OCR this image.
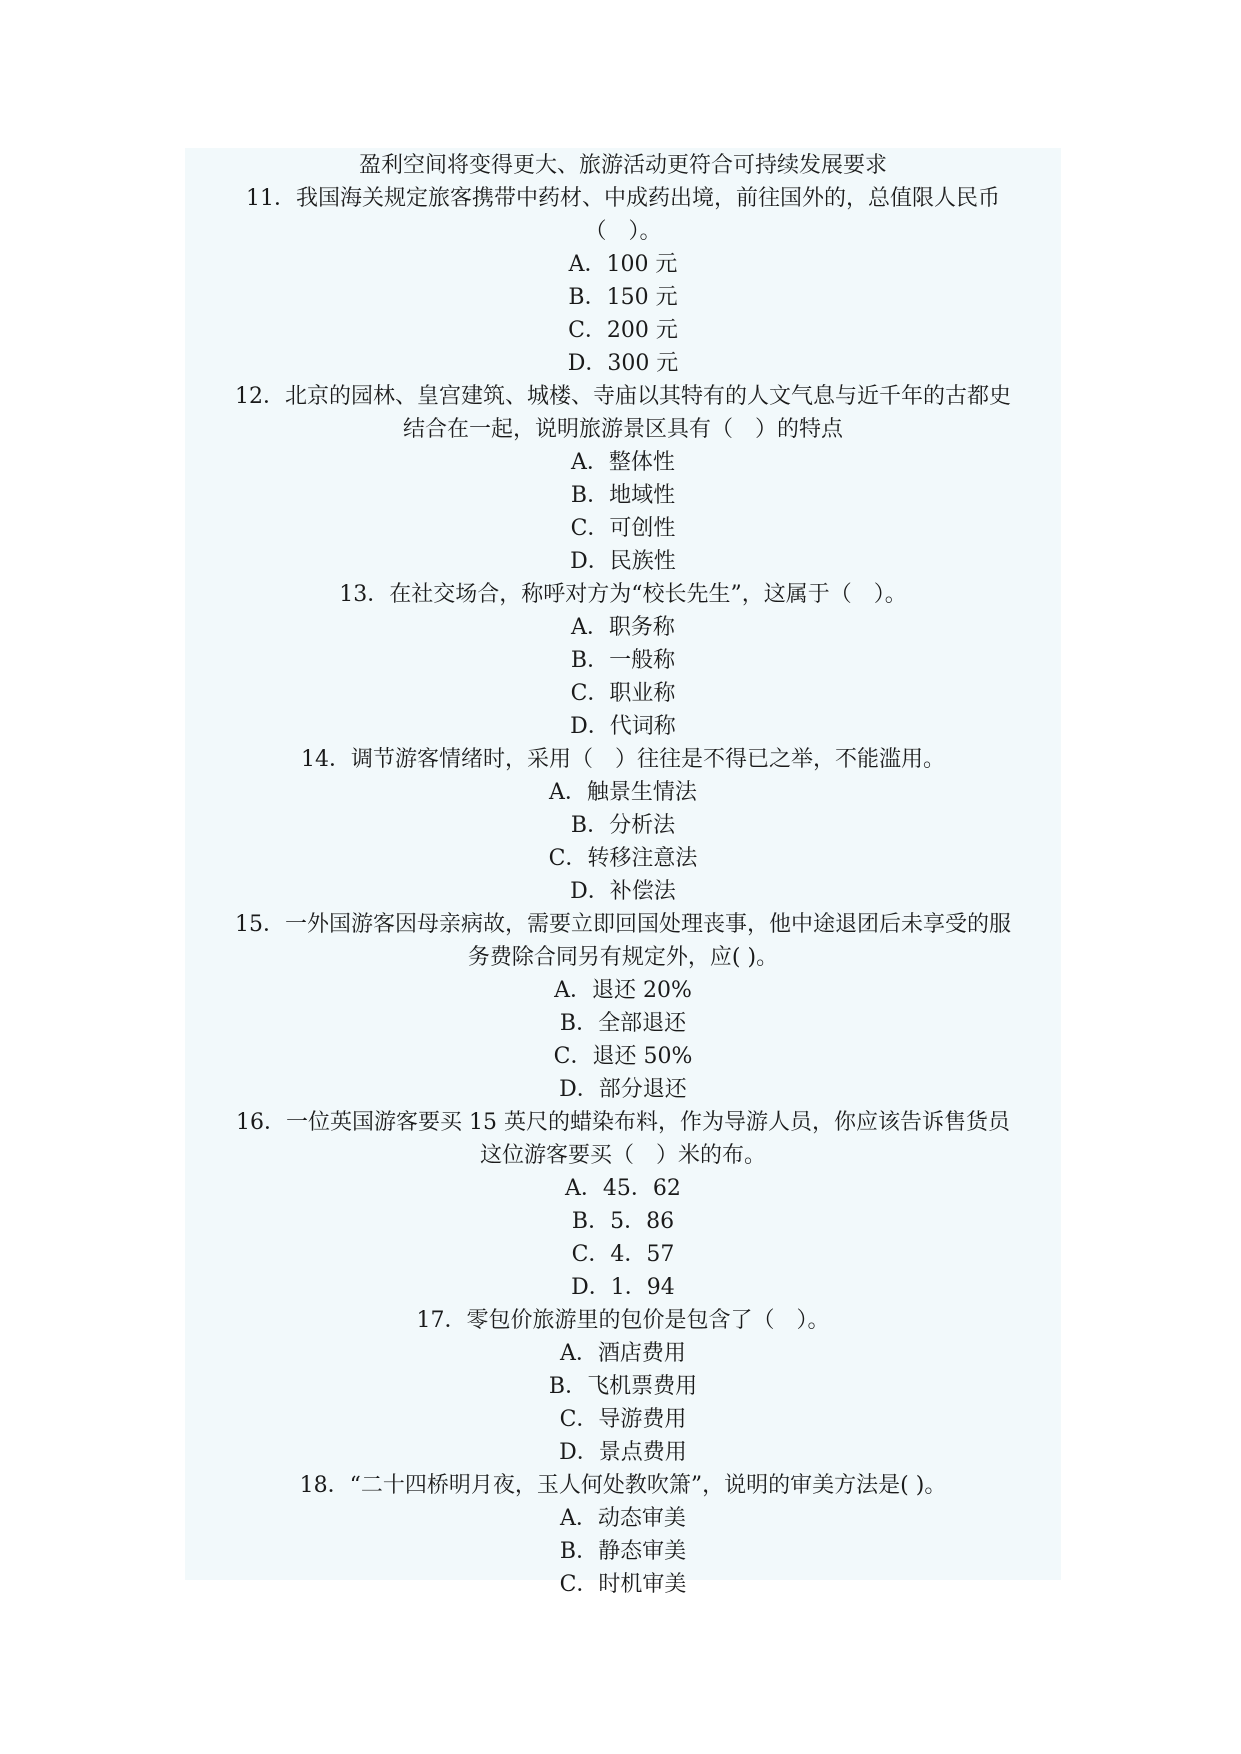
盈利空间将变得更大、旅游活动更符合可持续发展要求
11．我国海关规定旅客携带中药材、中成药出境，前往国外的，总值限人民币
（　）。
A．100 元
B．150 元
C．200 元
D．300 元
12．北京的园林、皇宫建筑、城楼、寺庙以其特有的人文气息与近千年的古都史
结合在一起，说明旅游景区具有（　）的特点
A．整体性
B．地域性
C．可创性
D．民族性
13．在社交场合，称呼对方为“校长先生”，这属于（　）。
A．职务称
B．一般称
C．职业称
D．代词称
14．调节游客情绪时，采用（　）往往是不得已之举，不能滥用。
A．触景生情法
B．分析法
C．转移注意法
D．补偿法
15．一外国游客因母亲病故，需要立即回国处理丧事，他中途退团后未享受的服
务费除合同另有规定外，应( )。
A．退还 20%
B．全部退还
C．退还 50%
D．部分退还
16．一位英国游客要买 15 英尺的蜡染布料，作为导游人员，你应该告诉售货员
这位游客要买（　）米的布。
A．45．62
B．5．86
C．4．57
D．1．94
17．零包价旅游里的包价是包含了（　）。
A．酒店费用
B．飞机票费用
C．导游费用
D．景点费用
18．“二十四桥明月夜，玉人何处教吹箫”，说明的审美方法是( )。
A．动态审美
B．静态审美
C．时机审美
